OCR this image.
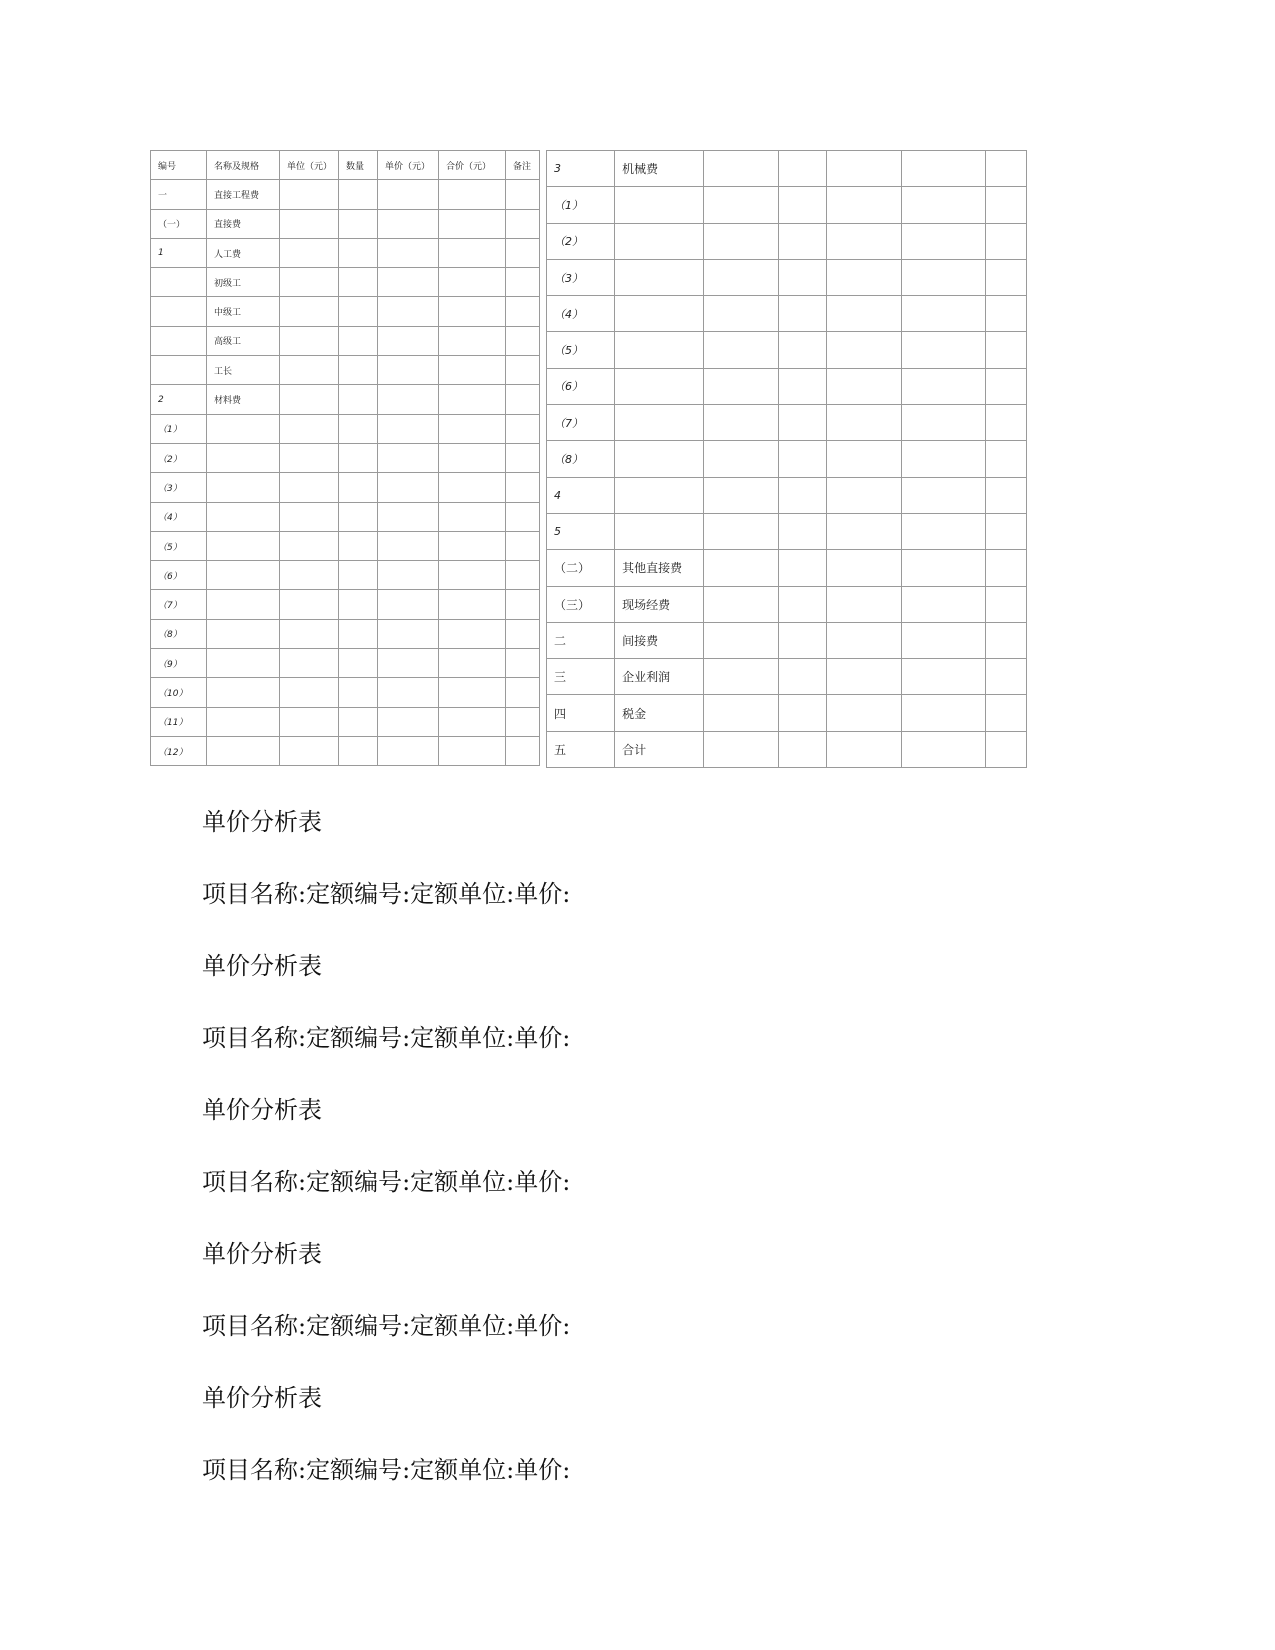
编号	名称及规格	单位（元）	数量	单价（元）	合价（元）	备注
一	直接工程费					
（一）	直接费					
1	人工费					
	初级工					
	中级工					
	高级工					
	工长					
2	材料费					
（1）						
（2）						
（3）						
（4）						
（5）						
（6）						
（7）						
（8）						
（9）						
（10）						
（11）						
（12）						
3	机械费					
（1）						
（2）						
（3）						
（4）						
（5）						
（6）						
（7）						
（8）						
4						
5						
（二）	其他直接费					
（三）	现场经费					
二	间接费					
三	企业利润					
四	税金					
五	合计					
单价分析表
项目名称:定额编号:定额单位:单价:
单价分析表
项目名称:定额编号:定额单位:单价:
单价分析表
项目名称:定额编号:定额单位:单价:
单价分析表
项目名称:定额编号:定额单位:单价:
单价分析表
项目名称:定额编号:定额单位:单价:
